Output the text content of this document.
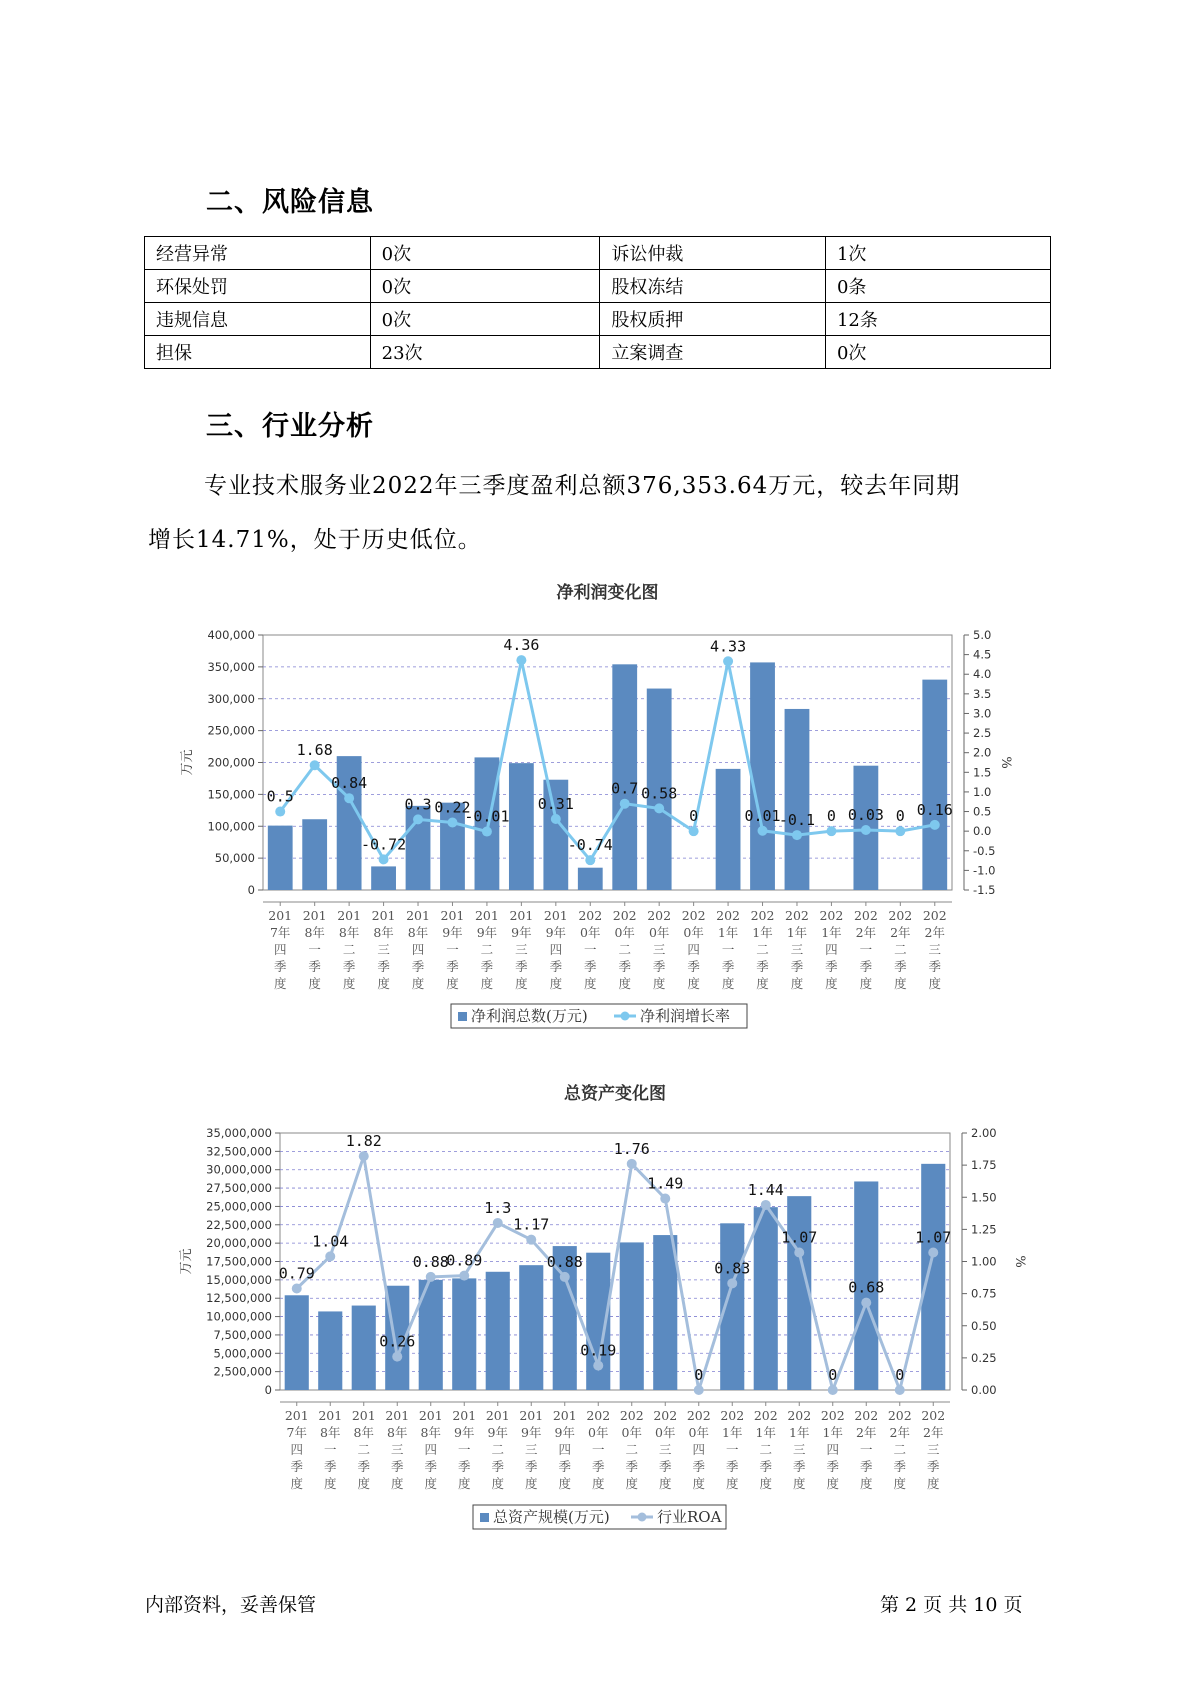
二、风险信息
经营异常	0次	诉讼仲裁	1次
环保处罚	0次	股权冻结	0条
违规信息	0次	股权质押	12条
担保	23次	立案调查	0次
三、行业分析
专业技术服务业2022年三季度盈利总额376,353.64万元，较去年同期
增长14.71%，处于历史低位。
净利润变化图
400,000
350,000
300,000
250,000
200,000
150,000
100,000
50,000
0
5.0
4.5
4.0
3.5
3.0
2.5
2.0
1.5
1.0
0.5
0.0
-0.5
-1.0
-1.5
万元	%
201 7年四季度
201 8年一季度
201 8年二季度
201 8年三季度
201 8年四季度
201 9年一季度
201 9年二季度
201 9年三季度
201 9年四季度
202 0年一季度
202 0年二季度
202 0年三季度
202 0年四季度
202 1年一季度
202 1年二季度
202 1年三季度
202 1年四季度
202 2年一季度
202 2年二季度
202 2年三季度
0.5
1.68
0.84
-0.72
0.3 0.22
-0.01
4.36
0.31
-0.74
0.7 0.58
0
4.33
0.01
-0.1 0 0.03 0 0.16
净利润总数(万元)	净利润增长率
总资产变化图
35,000,000
32,500,000
30,000,000
27,500,000
25,000,000
22,500,000
20,000,000
17,500,000
15,000,000
12,500,000
10,000,000
7,500,000
5,000,000
2,500,000
0
2.00
1.75
1.50
1.25
1.00
0.75
0.50
0.25
0.00
万元	%
201 7年四季度
201 8年一季度
201 8年二季度
201 8年三季度
201 8年四季度
201 9年一季度
201 9年二季度
201 9年三季度
201 9年四季度
202 0年一季度
202 0年二季度
202 0年三季度
202 0年四季度
202 1年一季度
202 1年二季度
202 1年三季度
202 1年四季度
202 2年一季度
202 2年二季度
202 2年三季度
0.79
1.04
1.82
0.26
0.88
0.89
1.3
1.17
0.88
0.19
1.76
1.49
0
0.83
1.44
1.07
0
0.68
0
1.07
总资产规模(万元)	行业ROA
内部资料，妥善保管	第 2 页 共 10 页
